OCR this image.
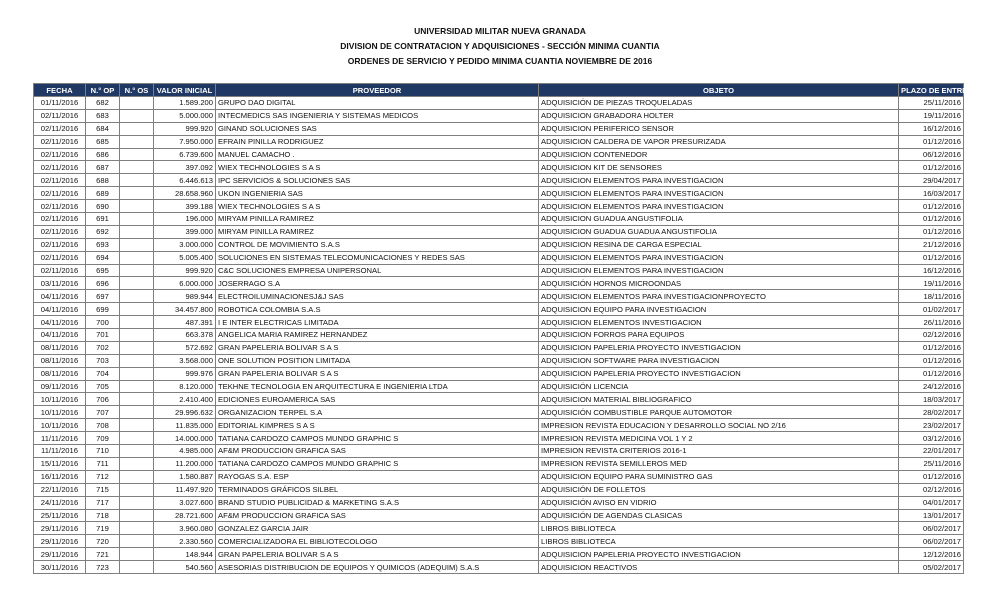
UNIVERSIDAD MILITAR NUEVA GRANADA
DIVISION DE CONTRATACION Y ADQUISICIONES - SECCIÓN MINIMA CUANTIA
ORDENES DE SERVICIO Y PEDIDO MINIMA CUANTIA NOVIEMBRE DE 2016
FECHA	N.° OP	N.° OS	VALOR INICIAL	PROVEEDOR	OBJETO	PLAZO DE ENTREGA
01/11/2016	682		1.589.200	GRUPO DAO DIGITAL	ADQUISICIÓN DE PIEZAS TROQUELADAS	25/11/2016
02/11/2016	683		5.000.000	INTECMEDICS SAS INGENIERIA Y SISTEMAS MEDICOS	ADQUISICION GRABADORA HOLTER	19/11/2016
02/11/2016	684		999.920	GINAND SOLUCIONES SAS	ADQUISICION PERIFERICO SENSOR	16/12/2016
02/11/2016	685		7.950.000	EFRAIN PINILLA RODRIGUEZ	ADQUISICION CALDERA DE VAPOR PRESURIZADA	01/12/2016
02/11/2016	686		6.739.600	MANUEL CAMACHO .	ADQUISICION CONTENEDOR	06/12/2016
02/11/2016	687		397.092	WIEX TECHNOLOGIES S A S	ADQUISICION KIT DE SENSORES	01/12/2016
02/11/2016	688		6.446.613	IPC SERVICIOS & SOLUCIONES SAS	ADQUISICION ELEMENTOS PARA INVESTIGACION	29/04/2017
02/11/2016	689		28.658.960	UKON INGENIERIA SAS	ADQUISICION ELEMENTOS PARA INVESTIGACION	16/03/2017
02/11/2016	690		399.188	WIEX TECHNOLOGIES S A S	ADQUISICION ELEMENTOS PARA INVESTIGACION	01/12/2016
02/11/2016	691		196.000	MIRYAM PINILLA RAMIREZ	ADQUISICION GUADUA ANGUSTIFOLIA	01/12/2016
02/11/2016	692		399.000	MIRYAM PINILLA RAMIREZ	ADQUISICION GUADUA GUADUA ANGUSTIFOLIA	01/12/2016
02/11/2016	693		3.000.000	CONTROL DE MOVIMIENTO S.A.S	ADQUISICION RESINA DE CARGA ESPECIAL	21/12/2016
02/11/2016	694		5.005.400	SOLUCIONES EN SISTEMAS TELECOMUNICACIONES Y REDES SAS	ADQUISICION ELEMENTOS PARA INVESTIGACION	01/12/2016
02/11/2016	695		999.920	C&C SOLUCIONES EMPRESA UNIPERSONAL	ADQUISICION ELEMENTOS PARA INVESTIGACION	16/12/2016
03/11/2016	696		6.000.000	JOSERRAGO S.A	ADQUISICIÓN HORNOS MICROONDAS	19/11/2016
04/11/2016	697		989.944	ELECTROILUMINACIONESJ&J SAS	ADQUISICION ELEMENTOS PARA INVESTIGACIONPROYECTO	18/11/2016
04/11/2016	699		34.457.800	ROBOTICA COLOMBIA S.A.S	ADQUISICION EQUIPO PARA INVESTIGACION	01/02/2017
04/11/2016	700		487.391	I E INTER ELECTRICAS LIMITADA	ADQUISICION ELEMENTOS INVESTIGACION	26/11/2016
04/11/2016	701		663.378	ANGELICA MARIA RAMIREZ HERNANDEZ	ADQUISICION FORROS PARA EQUIPOS	02/12/2016
08/11/2016	702		572.692	GRAN PAPELERIA BOLIVAR S A S	ADQUISICION PAPELERIA PROYECTO INVESTIGACION	01/12/2016
08/11/2016	703		3.568.000	ONE SOLUTION POSITION LIMITADA	ADQUISICION SOFTWARE PARA INVESTIGACION	01/12/2016
08/11/2016	704		999.976	GRAN PAPELERIA BOLIVAR S A S	ADQUISICION PAPELERIA PROYECTO INVESTIGACION	01/12/2016
09/11/2016	705		8.120.000	TEKHNE TECNOLOGIA EN ARQUITECTURA E INGENIERIA LTDA	ADQUISICIÓN LICENCIA	24/12/2016
10/11/2016	706		2.410.400	EDICIONES EUROAMERICA SAS	ADQUISICION MATERIAL BIBLIOGRAFICO	18/03/2017
10/11/2016	707		29.996.632	ORGANIZACION TERPEL S.A	ADQUISICIÓN COMBUSTIBLE PARQUE AUTOMOTOR	28/02/2017
10/11/2016	708		11.835.000	EDITORIAL KIMPRES S A S	IMPRESION REVISTA EDUCACION Y DESARROLLO SOCIAL NO 2/16	23/02/2017
11/11/2016	709		14.000.000	TATIANA CARDOZO CAMPOS MUNDO GRAPHIC S	IMPRESION REVISTA MEDICINA VOL 1 Y 2	03/12/2016
11/11/2016	710		4.985.000	AF&M PRODUCCION GRAFICA SAS	IMPRESION REVISTA CRITERIOS 2016-1	22/01/2017
15/11/2016	711		11.200.000	TATIANA CARDOZO CAMPOS MUNDO GRAPHIC S	IMPRESION REVISTA SEMILLEROS MED	25/11/2016
16/11/2016	712		1.580.887	RAYOGAS S.A. ESP	ADQUISICION EQUIPO PARA SUMINISTRO GAS	01/12/2016
22/11/2016	715		11.497.920	TERMINADOS GRÁFICOS SILBEL	ADQUISICIÓN DE FOLLETOS	02/12/2016
24/11/2016	717		3.027.600	BRAND STUDIO PUBLICIDAD & MARKETING S.A.S	ADQUISICIÓN AVISO EN VIDRIO	04/01/2017
25/11/2016	718		28.721.600	AF&M PRODUCCION GRAFICA SAS	ADQUISICIÓN DE AGENDAS CLASICAS	13/01/2017
29/11/2016	719		3.960.080	GONZALEZ GARCIA JAIR	LIBROS BIBLIOTECA	06/02/2017
29/11/2016	720		2.330.560	COMERCIALIZADORA EL BIBLIOTECOLOGO	LIBROS BIBLIOTECA	06/02/2017
29/11/2016	721		148.944	GRAN PAPELERIA BOLIVAR S A S	ADQUISICION PAPELERIA PROYECTO INVESTIGACION	12/12/2016
30/11/2016	723		540.560	ASESORIAS DISTRIBUCION DE EQUIPOS Y QUIMICOS (ADEQUIM) S.A.S	ADQUISICION REACTIVOS	05/02/2017
